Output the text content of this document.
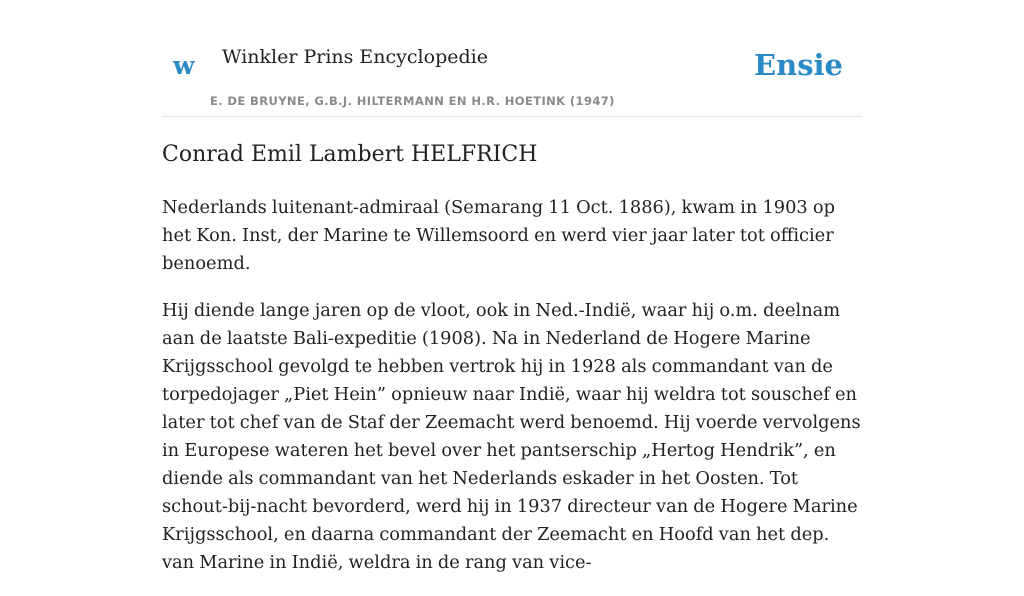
w Winkler Prins Encyclopedie
E. DE BRUYNE, G.B.J. HILTERMANN EN H.R. HOETINK (1947)
Ensie
Conrad Emil Lambert HELFRICH

Nederlands luitenant-admiraal (Semarang 11 Oct. 1886), kwam in 1903 op het Kon. Inst, der Marine te Willemsoord en werd vier jaar later tot officier benoemd.

Hij diende lange jaren op de vloot, ook in Ned.-Indië, waar hij o.m. deelnam aan de laatste Bali-expeditie (1908). Na in Nederland de Hogere Marine Krijgsschool gevolgd te hebben vertrok hij in 1928 als commandant van de torpedojager „Piet Hein” opnieuw naar Indië, waar hij weldra tot souschef en later tot chef van de Staf der Zeemacht werd benoemd. Hij voerde vervolgens in Europese wateren het bevel over het pantserschip „Hertog Hendrik”, en diende als commandant van het Nederlands eskader in het Oosten. Tot schout-bij-nacht bevorderd, werd hij in 1937 directeur van de Hogere Marine Krijgsschool, en daarna commandant der Zeemacht en Hoofd van het dep. van Marine in Indië, weldra in de rang van vice-
